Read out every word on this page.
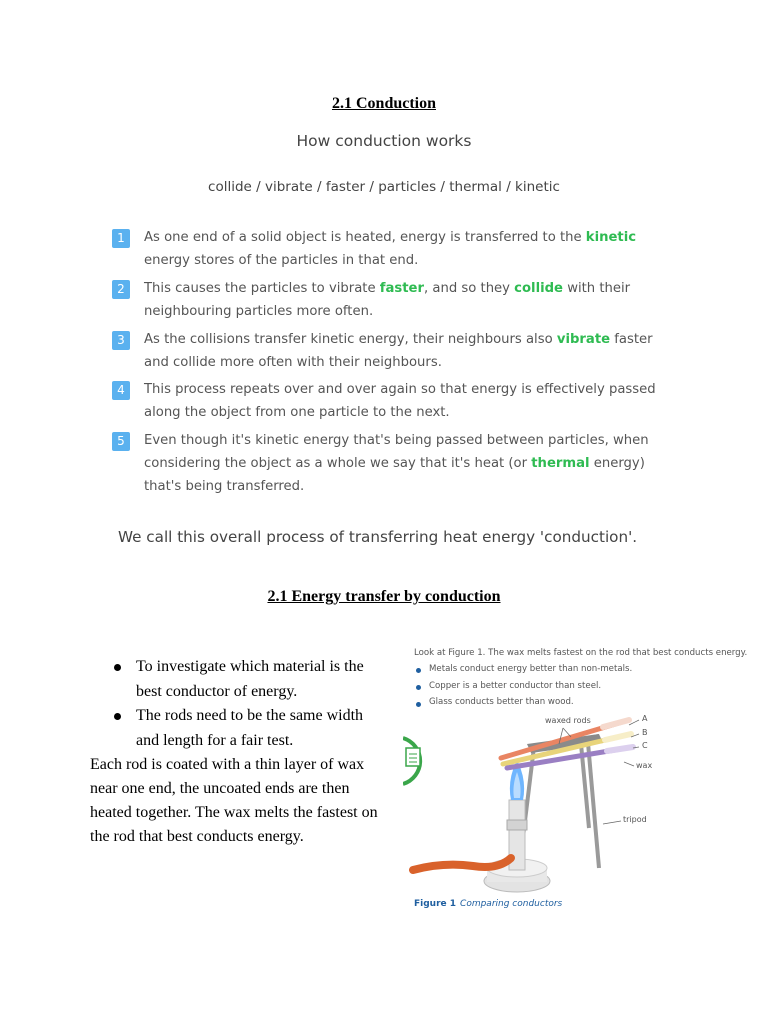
2.1 Conduction
How conduction works
collide / vibrate / faster / particles / thermal / kinetic
1	As one end of a solid object is heated, energy is transferred to the kinetic energy stores of the particles in that end.
2	This causes the particles to vibrate faster, and so they collide with their neighbouring particles more often.
3	As the collisions transfer kinetic energy, their neighbours also vibrate faster and collide more often with their neighbours.
4	This process repeats over and over again so that energy is effectively passed along the object from one particle to the next.
5	Even though it's kinetic energy that's being passed between particles, when considering the object as a whole we say that it's heat (or thermal energy) that's being transferred.
We call this overall process of transferring heat energy 'conduction'.
2.1 Energy transfer by conduction
To investigate which material is the best conductor of energy.
The rods need to be the same width and length for a fair test.
Each rod is coated with a thin layer of wax near one end, the uncoated ends are then heated together. The wax melts the fastest on the rod that best conducts energy.
Look at Figure 1. The wax melts fastest on the rod that best conducts energy.
Metals conduct energy better than non-metals.
Copper is a better conductor than steel.
Glass conducts better than wood.
waxed rods	A
B
C
wax
tripod
Figure 1 Comparing conductors
